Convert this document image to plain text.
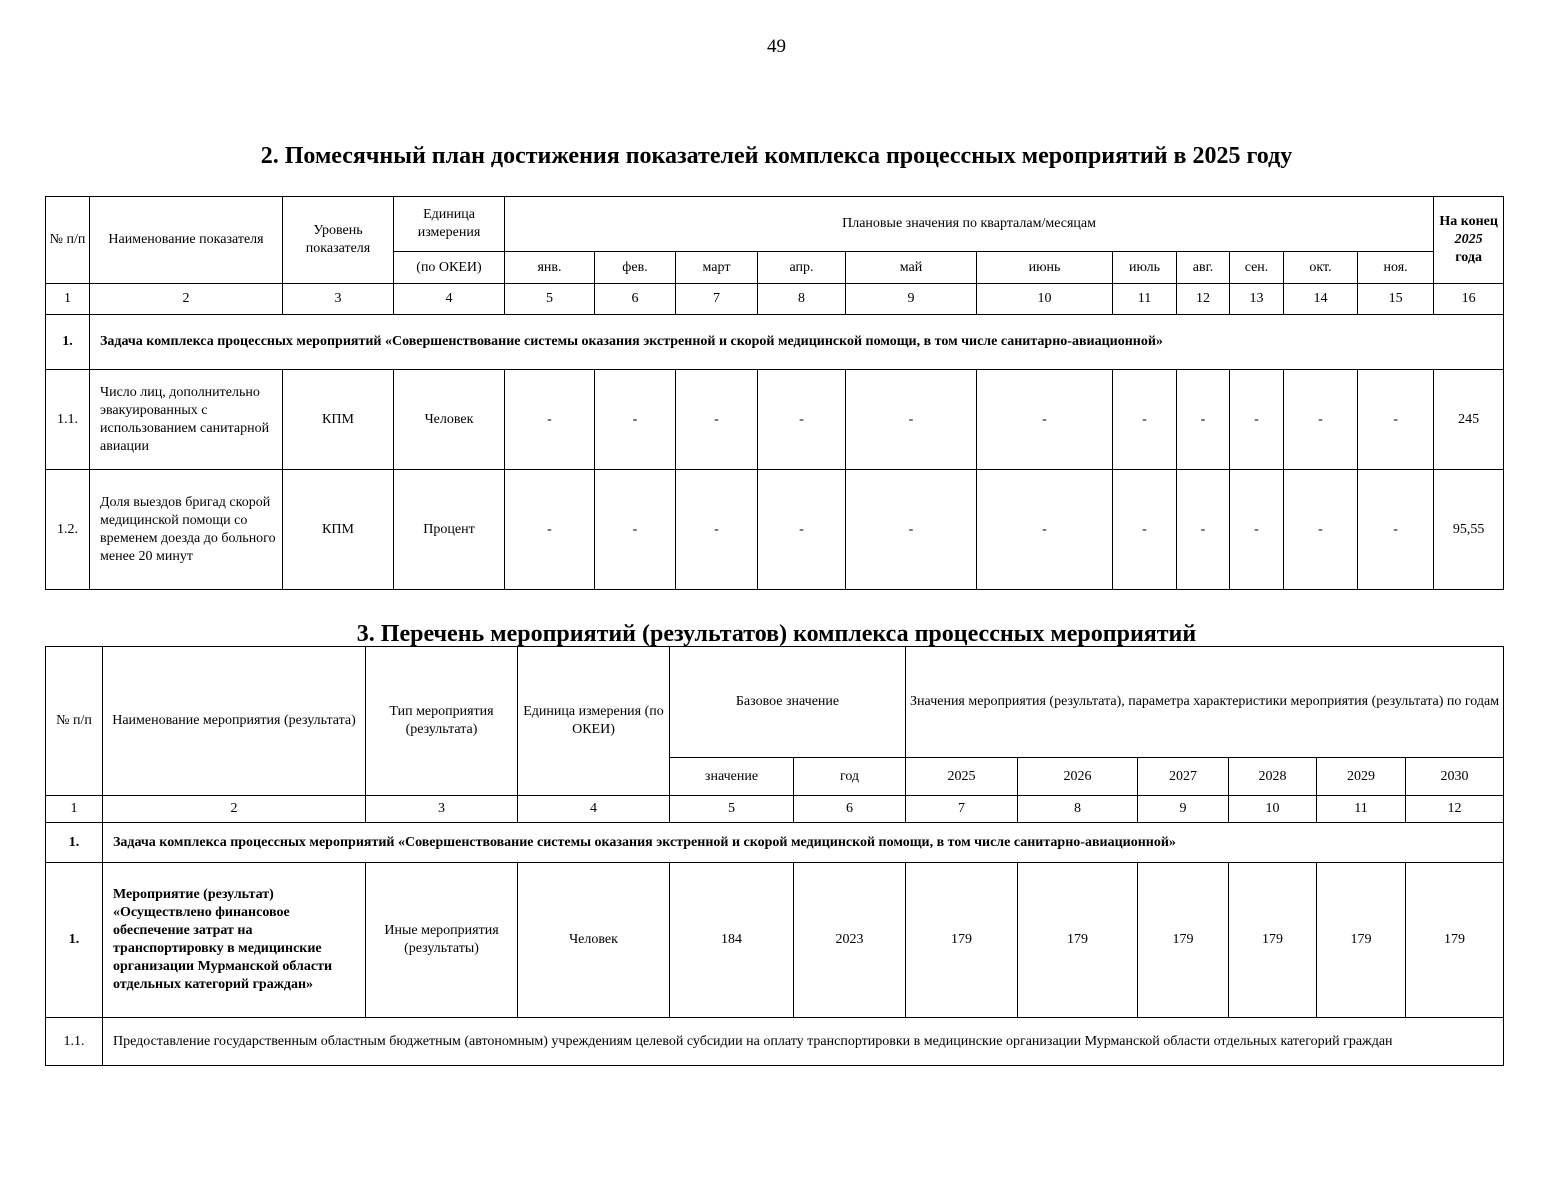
49
2. Помесячный план достижения показателей комплекса процессных мероприятий в 2025 году
№ п/п	Наименование показателя	Уровень показателя	Единица измерения	Плановые значения по кварталам/месяцам											На конец
2025
года
			(по ОКЕИ)	янв.	фев.	март	апр.	май	июнь	июль	авг.	сен.	окт.	ноя.	
1	2	3	4	5	6	7	8	9	10	11	12	13	14	15	16
1.	Задача комплекса процессных мероприятий «Совершенствование системы оказания экстренной и скорой медицинской помощи, в том числе санитарно-авиационной»														
1.1.	Число лиц, дополнительно эвакуированных с использованием санитарной авиации	КПМ	Человек	-	-	-	-	-	-	-	-	-	-	-	245
1.2.	Доля выездов бригад скорой медицинской помощи со временем доезда до больного менее 20 минут	КПМ	Процент	-	-	-	-	-	-	-	-	-	-	-	95,55
3. Перечень мероприятий (результатов) комплекса процессных мероприятий
№ п/п	Наименование мероприятия (результата)	Тип мероприятия (результата)	Единица измерения (по ОКЕИ)	Базовое значение		Значения мероприятия (результата), параметра характеристики мероприятия (результата) по годам					
				значение	год	2025	2026	2027	2028	2029	2030
1	2	3	4	5	6	7	8	9	10	11	12
1.	Задача комплекса процессных мероприятий «Совершенствование системы оказания экстренной и скорой медицинской помощи, в том числе санитарно-авиационной»										
1.	Мероприятие (результат) «Осуществлено финансовое обеспечение затрат на транспортировку в медицинские организации Мурманской области отдельных категорий граждан»	Иные мероприятия (результаты)	Человек	184	2023	179	179	179	179	179	179
1.1.	Предоставление государственным областным бюджетным (автономным) учреждениям целевой субсидии на оплату транспортировки в медицинские организации Мурманской области отдельных категорий граждан										
